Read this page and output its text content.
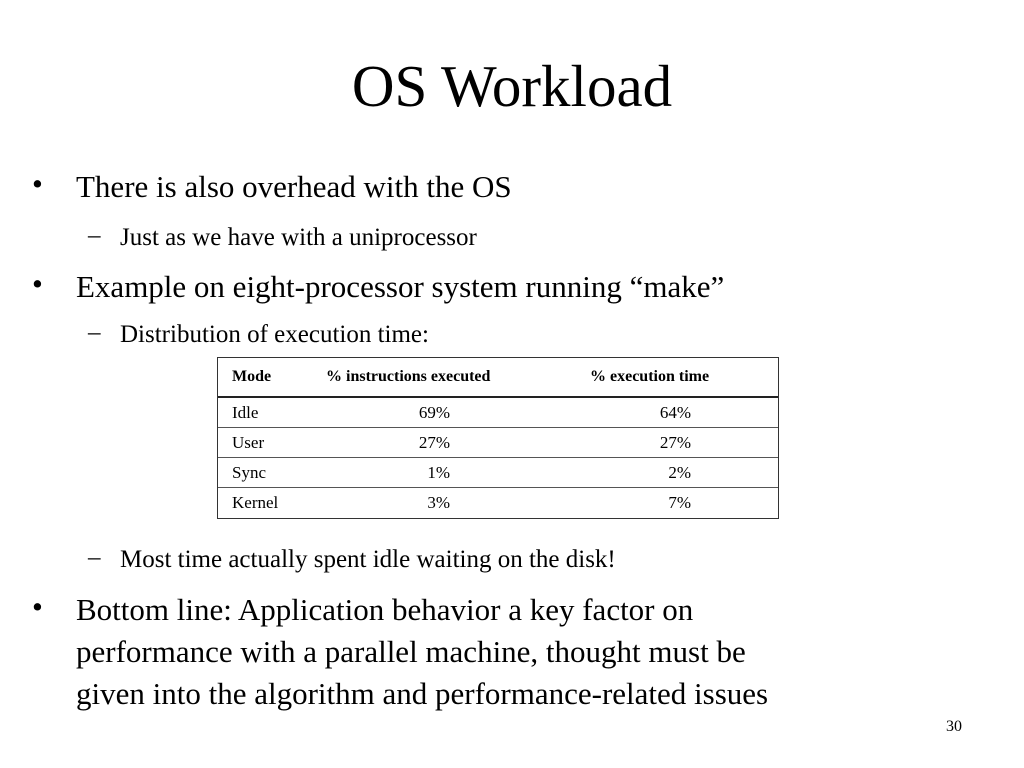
OS Workload
• There is also overhead with the OS
– Just as we have with a uniprocessor
• Example on eight-processor system running “make”
– Distribution of execution time:
Mode	% instructions executed	% execution time
Idle	69%	64%
User	27%	27%
Sync	1%	2%
Kernel	3%	7%
– Most time actually spent idle waiting on the disk!
• Bottom line: Application behavior a key factor on
performance with a parallel machine, thought must be
given into the algorithm and performance-related issues
30
